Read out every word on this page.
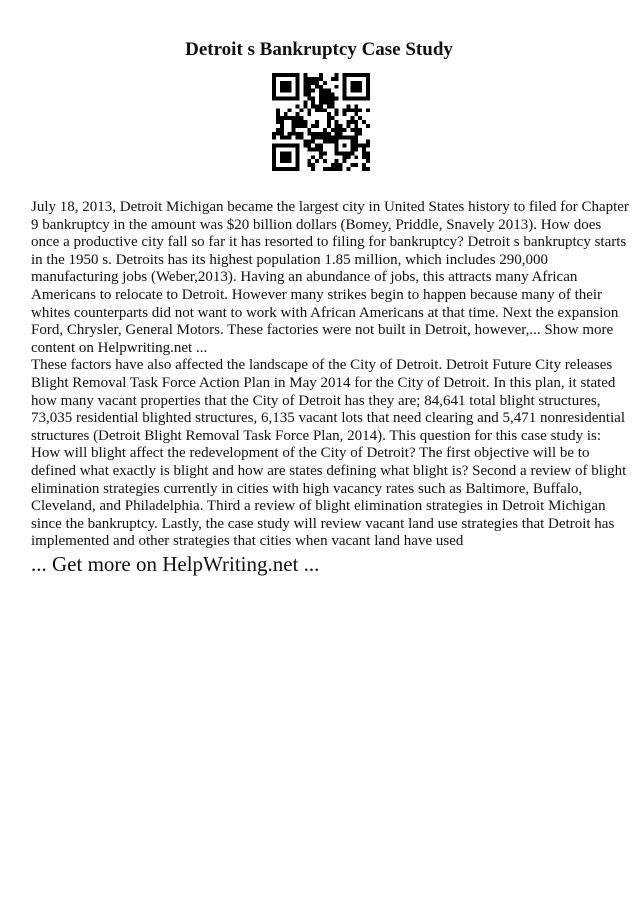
Detroit s Bankruptcy Case Study

July 18, 2013, Detroit Michigan became the largest city in United States history to filed for Chapter 9 bankruptcy in the amount was $20 billion dollars (Bomey, Priddle, Snavely 2013). How does once a productive city fall so far it has resorted to filing for bankruptcy? Detroit s bankruptcy starts in the 1950 s. Detroits has its highest population 1.85 million, which includes 290,000 manufacturing jobs (Weber,2013). Having an abundance of jobs, this attracts many African Americans to relocate to Detroit. However many strikes begin to happen because many of their whites counterparts did not want to work with African Americans at that time. Next the expansion Ford, Chrysler, General Motors. These factories were not built in Detroit, however,... Show more content on Helpwriting.net ...

These factors have also affected the landscape of the City of Detroit. Detroit Future City releases Blight Removal Task Force Action Plan in May 2014 for the City of Detroit. In this plan, it stated how many vacant properties that the City of Detroit has they are; 84,641 total blight structures, 73,035 residential blighted structures, 6,135 vacant lots that need clearing and 5,471 nonresidential structures (Detroit Blight Removal Task Force Plan, 2014). This question for this case study is: How will blight affect the redevelopment of the City of Detroit? The first objective will be to defined what exactly is blight and how are states defining what blight is? Second a review of blight elimination strategies currently in cities with high vacancy rates such as Baltimore, Buffalo, Cleveland, and Philadelphia. Third a review of blight elimination strategies in Detroit Michigan since the bankruptcy. Lastly, the case study will review vacant land use strategies that Detroit has implemented and other strategies that cities when vacant land have used

... Get more on HelpWriting.net ...
